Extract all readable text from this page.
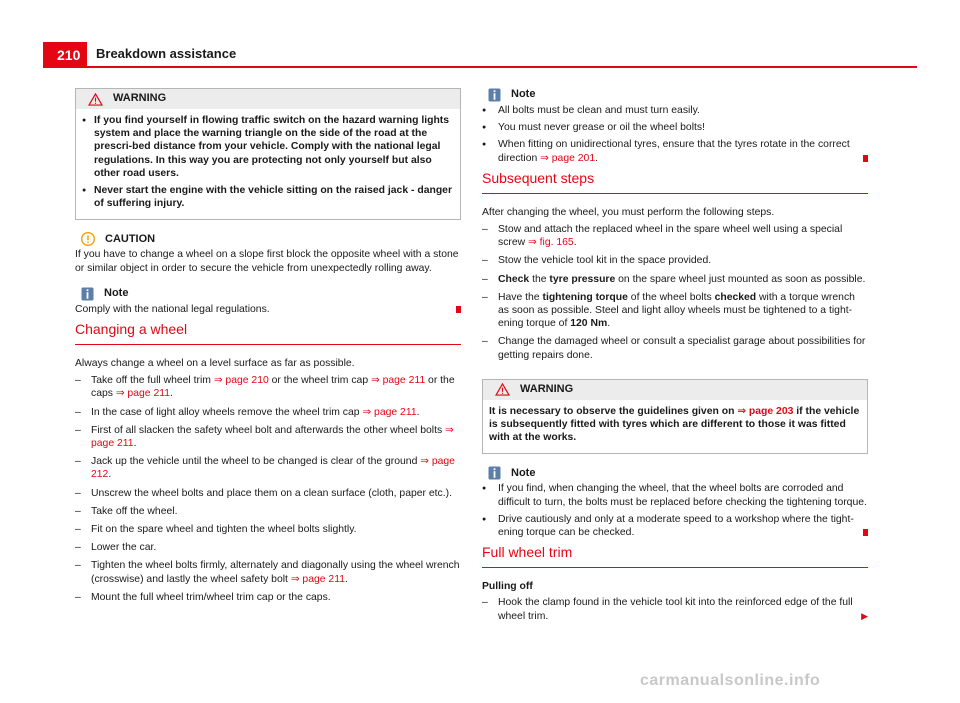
210	Breakdown assistance
WARNING

● If you find yourself in flowing traffic switch on the hazard warning lights system and place the warning triangle on the side of the road at the prescri-bed distance from your vehicle. Comply with the national legal regulations. In this way you are protecting not only yourself but also other road users.

● Never start the engine with the vehicle sitting on the raised jack - danger of suffering injury.

CAUTION

If you have to change a wheel on a slope first block the opposite wheel with a stone or similar object in order to secure the vehicle from unexpectedly rolling away.

Note

Comply with the national legal regulations.

Changing a wheel

Always change a wheel on a level surface as far as possible.

– Take off the full wheel trim ⇒ page 210 or the wheel trim cap ⇒ page 211 or the caps ⇒ page 211.

– In the case of light alloy wheels remove the wheel trim cap ⇒ page 211.

– First of all slacken the safety wheel bolt and afterwards the other wheel bolts ⇒ page 211.

– Jack up the vehicle until the wheel to be changed is clear of the ground ⇒ page 212.

– Unscrew the wheel bolts and place them on a clean surface (cloth, paper etc.).

– Take off the wheel.

– Fit on the spare wheel and tighten the wheel bolts slightly.

– Lower the car.

– Tighten the wheel bolts firmly, alternately and diagonally using the wheel wrench (crosswise) and lastly the wheel safety bolt ⇒ page 211.

– Mount the full wheel trim/wheel trim cap or the caps.

Note

● All bolts must be clean and must turn easily.

● You must never grease or oil the wheel bolts!

● When fitting on unidirectional tyres, ensure that the tyres rotate in the correct direction ⇒ page 201.

Subsequent steps

After changing the wheel, you must perform the following steps.

– Stow and attach the replaced wheel in the spare wheel well using a special screw ⇒ fig. 165.

– Stow the vehicle tool kit in the space provided.

– Check the tyre pressure on the spare wheel just mounted as soon as possible.

– Have the tightening torque of the wheel bolts checked with a torque wrench as soon as possible. Steel and light alloy wheels must be tightened to a tight-ening torque of 120 Nm.

– Change the damaged wheel or consult a specialist garage about possibilities for getting repairs done.

WARNING

It is necessary to observe the guidelines given on ⇒ page 203 if the vehicle is subsequently fitted with tyres which are different to those it was fitted with at the works.

Note

● If you find, when changing the wheel, that the wheel bolts are corroded and difficult to turn, the bolts must be replaced before checking the tightening torque.

● Drive cautiously and only at a moderate speed to a workshop where the tight-ening torque can be checked.

Full wheel trim

Pulling off

– Hook the clamp found in the vehicle tool kit into the reinforced edge of the full wheel trim.	▶

carmanualsonline.info
